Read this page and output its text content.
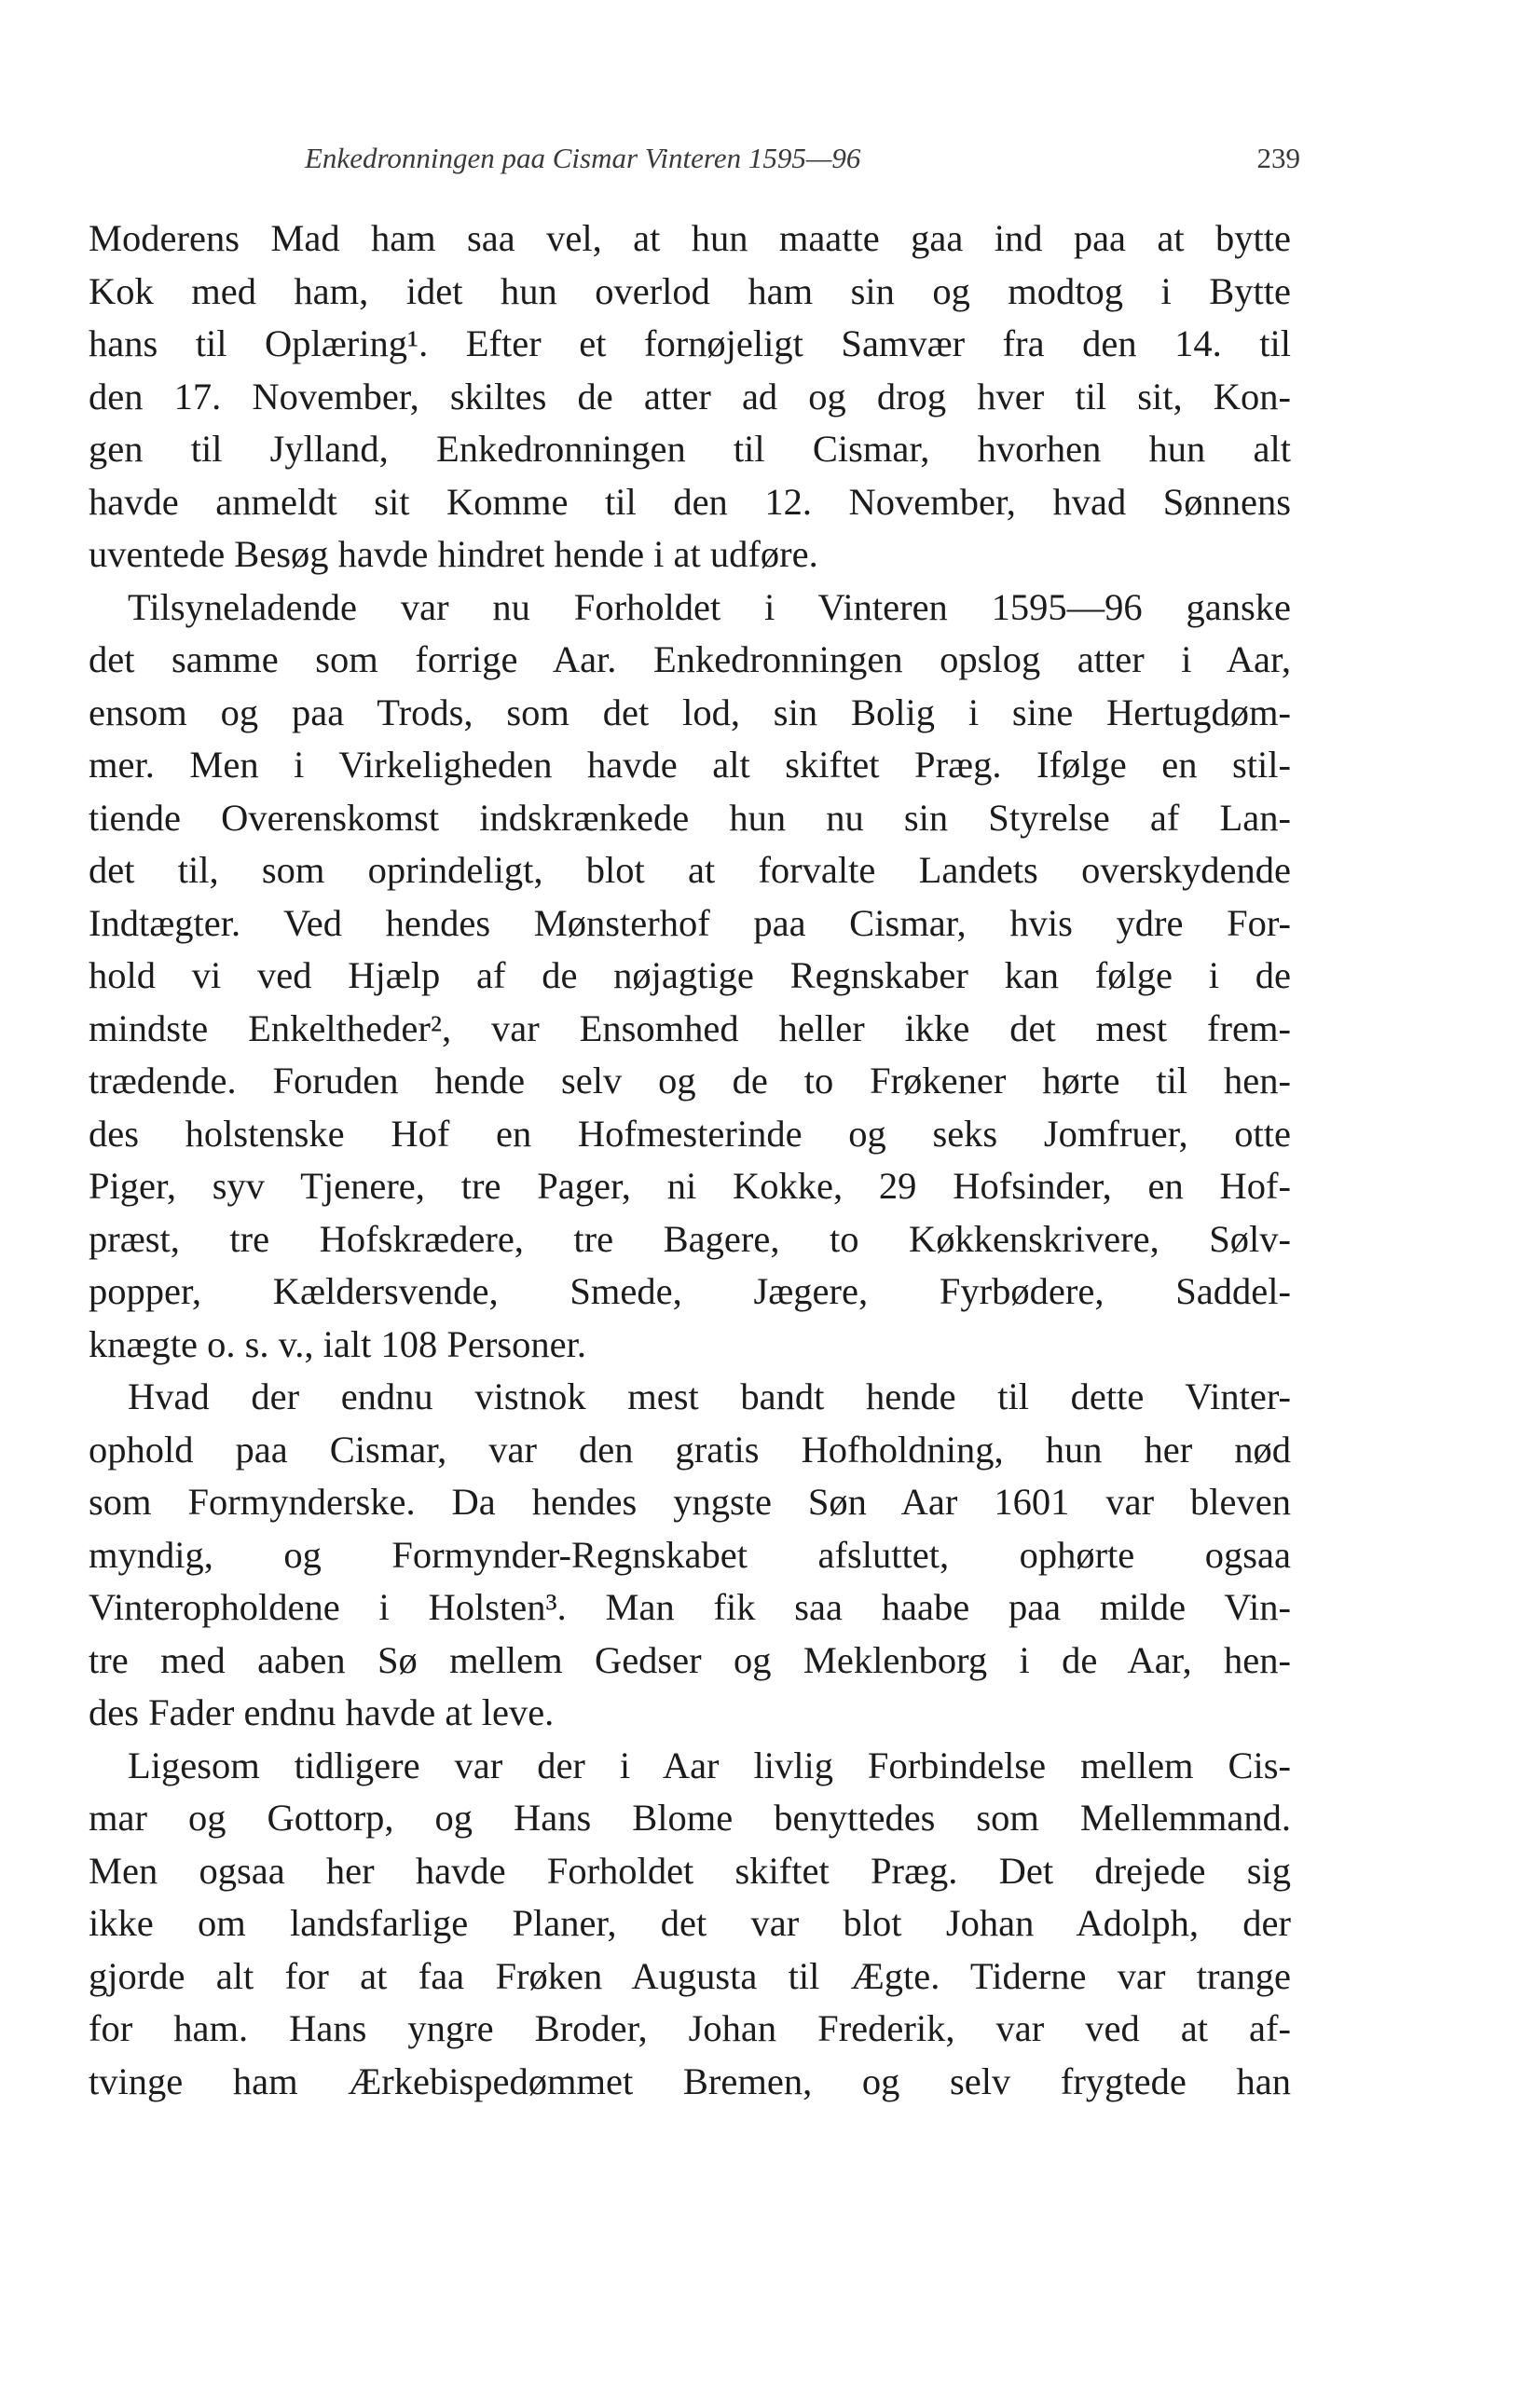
Enkedronningen paa Cismar Vinteren 1595—96	239
Moderens Mad ham saa vel, at hun maatte gaa ind paa at bytte
Kok med ham, idet hun overlod ham sin og modtog i Bytte
hans til Oplæring¹. Efter et fornøjeligt Samvær fra den 14. til
den 17. November, skiltes de atter ad og drog hver til sit, Kon-
gen til Jylland, Enkedronningen til Cismar, hvorhen hun alt
havde anmeldt sit Komme til den 12. November, hvad Sønnens
uventede Besøg havde hindret hende i at udføre.
Tilsyneladende var nu Forholdet i Vinteren 1595—96 ganske
det samme som forrige Aar. Enkedronningen opslog atter i Aar,
ensom og paa Trods, som det lod, sin Bolig i sine Hertugdøm-
mer. Men i Virkeligheden havde alt skiftet Præg. Ifølge en stil-
tiende Overenskomst indskrænkede hun nu sin Styrelse af Lan-
det til, som oprindeligt, blot at forvalte Landets overskydende
Indtægter. Ved hendes Mønsterhof paa Cismar, hvis ydre For-
hold vi ved Hjælp af de nøjagtige Regnskaber kan følge i de
mindste Enkeltheder², var Ensomhed heller ikke det mest frem-
trædende. Foruden hende selv og de to Frøkener hørte til hen-
des holstenske Hof en Hofmesterinde og seks Jomfruer, otte
Piger, syv Tjenere, tre Pager, ni Kokke, 29 Hofsinder, en Hof-
præst, tre Hofskrædere, tre Bagere, to Køkkenskrivere, Sølv-
popper, Kældersvende, Smede, Jægere, Fyrbødere, Saddel-
knægte o. s. v., ialt 108 Personer.
Hvad der endnu vistnok mest bandt hende til dette Vinter-
ophold paa Cismar, var den gratis Hofholdning, hun her nød
som Formynderske. Da hendes yngste Søn Aar 1601 var bleven
myndig, og Formynder-Regnskabet afsluttet, ophørte ogsaa
Vinteropholdene i Holsten³. Man fik saa haabe paa milde Vin-
tre med aaben Sø mellem Gedser og Meklenborg i de Aar, hen-
des Fader endnu havde at leve.
Ligesom tidligere var der i Aar livlig Forbindelse mellem Cis-
mar og Gottorp, og Hans Blome benyttedes som Mellemmand.
Men ogsaa her havde Forholdet skiftet Præg. Det drejede sig
ikke om landsfarlige Planer, det var blot Johan Adolph, der
gjorde alt for at faa Frøken Augusta til Ægte. Tiderne var trange
for ham. Hans yngre Broder, Johan Frederik, var ved at af-
tvinge ham Ærkebispedømmet Bremen, og selv frygtede han
